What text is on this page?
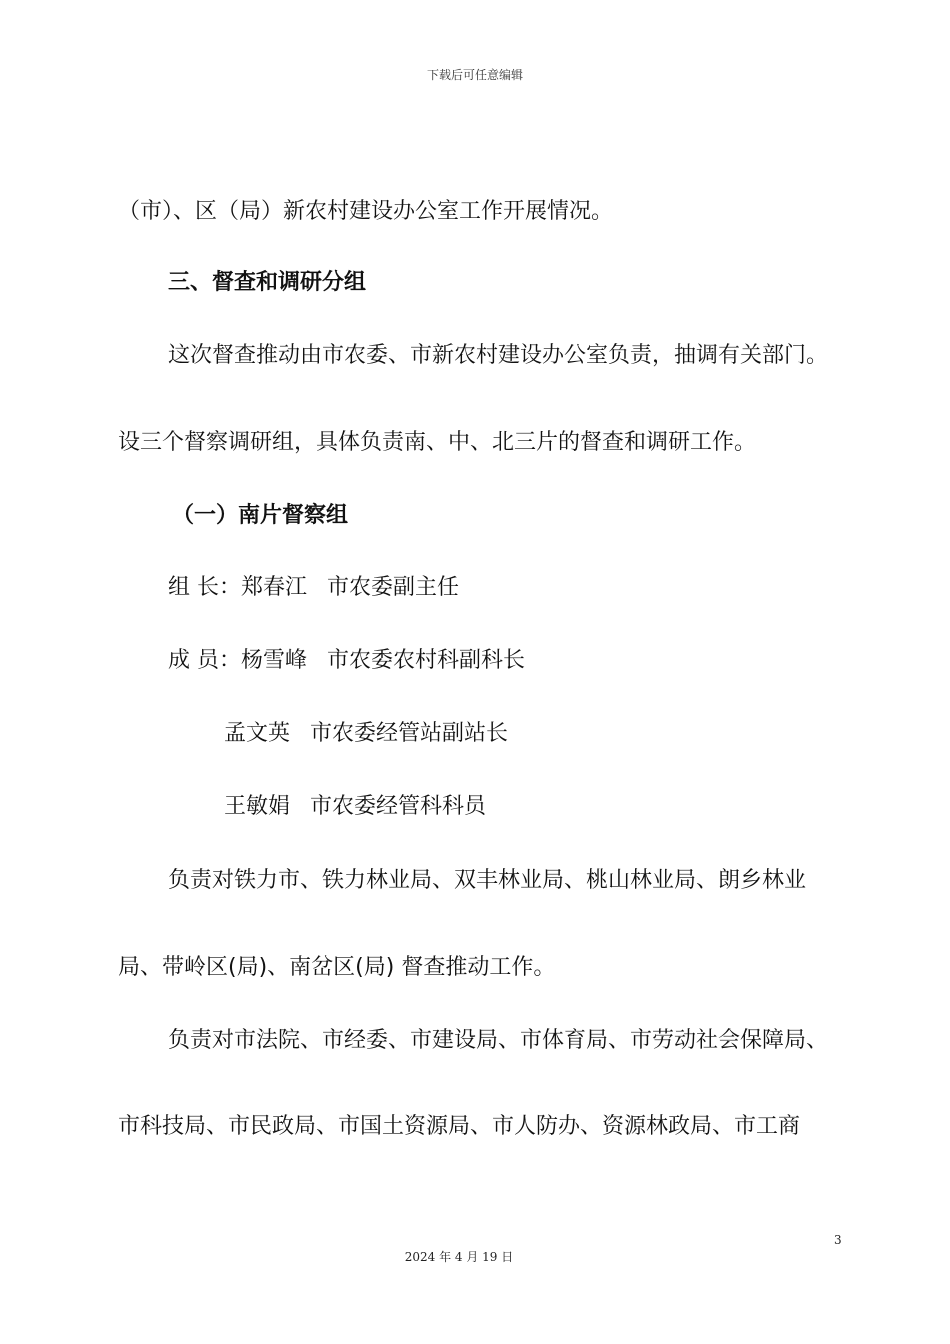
下载后可任意编辑
（市）、区（局）新农村建设办公室工作开展情况。
三、督查和调研分组
这次督查推动由市农委、市新农村建设办公室负责，抽调有关部门。
设三个督察调研组，具体负责南、中、北三片的督查和调研工作。
（一）南片督察组
组 长：郑春江 市农委副主任
成 员：杨雪峰 市农委农村科副科长
孟文英 市农委经管站副站长
王敏娟 市农委经管科科员
负责对铁力市、铁力林业局、双丰林业局、桃山林业局、朗乡林业
局、带岭区(局)、南岔区(局) 督查推动工作。
负责对市法院、市经委、市建设局、市体育局、市劳动社会保障局、
市科技局、市民政局、市国土资源局、市人防办、资源林政局、市工商
3
2024 年 4 月 19 日
